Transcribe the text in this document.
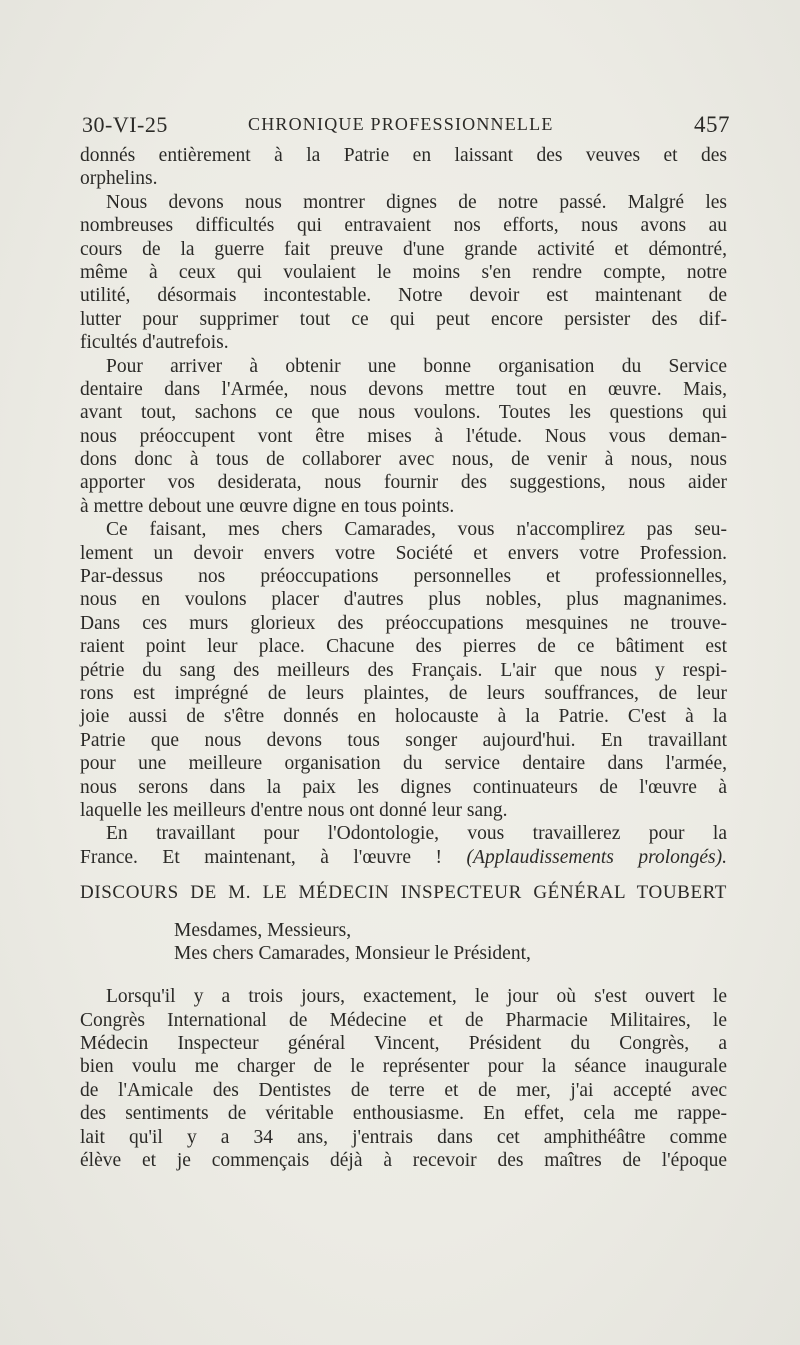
30-VI-25	CHRONIQUE PROFESSIONNELLE	457
donnés entièrement à la Patrie en laissant des veuves et des
orphelins.
Nous devons nous montrer dignes de notre passé. Malgré les
nombreuses difficultés qui entravaient nos efforts, nous avons au
cours de la guerre fait preuve d'une grande activité et démontré,
même à ceux qui voulaient le moins s'en rendre compte, notre
utilité, désormais incontestable. Notre devoir est maintenant de
lutter pour supprimer tout ce qui peut encore persister des dif-
ficultés d'autrefois.
Pour arriver à obtenir une bonne organisation du Service
dentaire dans l'Armée, nous devons mettre tout en œuvre. Mais,
avant tout, sachons ce que nous voulons. Toutes les questions qui
nous préoccupent vont être mises à l'étude. Nous vous deman-
dons donc à tous de collaborer avec nous, de venir à nous, nous
apporter vos desiderata, nous fournir des suggestions, nous aider
à mettre debout une œuvre digne en tous points.
Ce faisant, mes chers Camarades, vous n'accomplirez pas seu-
lement un devoir envers votre Société et envers votre Profession.
Par-dessus nos préoccupations personnelles et professionnelles,
nous en voulons placer d'autres plus nobles, plus magnanimes.
Dans ces murs glorieux des préoccupations mesquines ne trouve-
raient point leur place. Chacune des pierres de ce bâtiment est
pétrie du sang des meilleurs des Français. L'air que nous y respi-
rons est imprégné de leurs plaintes, de leurs souffrances, de leur
joie aussi de s'être donnés en holocauste à la Patrie. C'est à la
Patrie que nous devons tous songer aujourd'hui. En travaillant
pour une meilleure organisation du service dentaire dans l'armée,
nous serons dans la paix les dignes continuateurs de l'œuvre à
laquelle les meilleurs d'entre nous ont donné leur sang.
En travaillant pour l'Odontologie, vous travaillerez pour la
France. Et maintenant, à l'œuvre ! (Applaudissements prolongés).
DISCOURS DE M. LE MÉDECIN INSPECTEUR GÉNÉRAL TOUBERT
Mesdames, Messieurs,
Mes chers Camarades, Monsieur le Président,
Lorsqu'il y a trois jours, exactement, le jour où s'est ouvert le
Congrès International de Médecine et de Pharmacie Militaires, le
Médecin Inspecteur général Vincent, Président du Congrès, a
bien voulu me charger de le représenter pour la séance inaugurale
de l'Amicale des Dentistes de terre et de mer, j'ai accepté avec
des sentiments de véritable enthousiasme. En effet, cela me rappe-
lait qu'il y a 34 ans, j'entrais dans cet amphithéâtre comme
élève et je commençais déjà à recevoir des maîtres de l'époque
